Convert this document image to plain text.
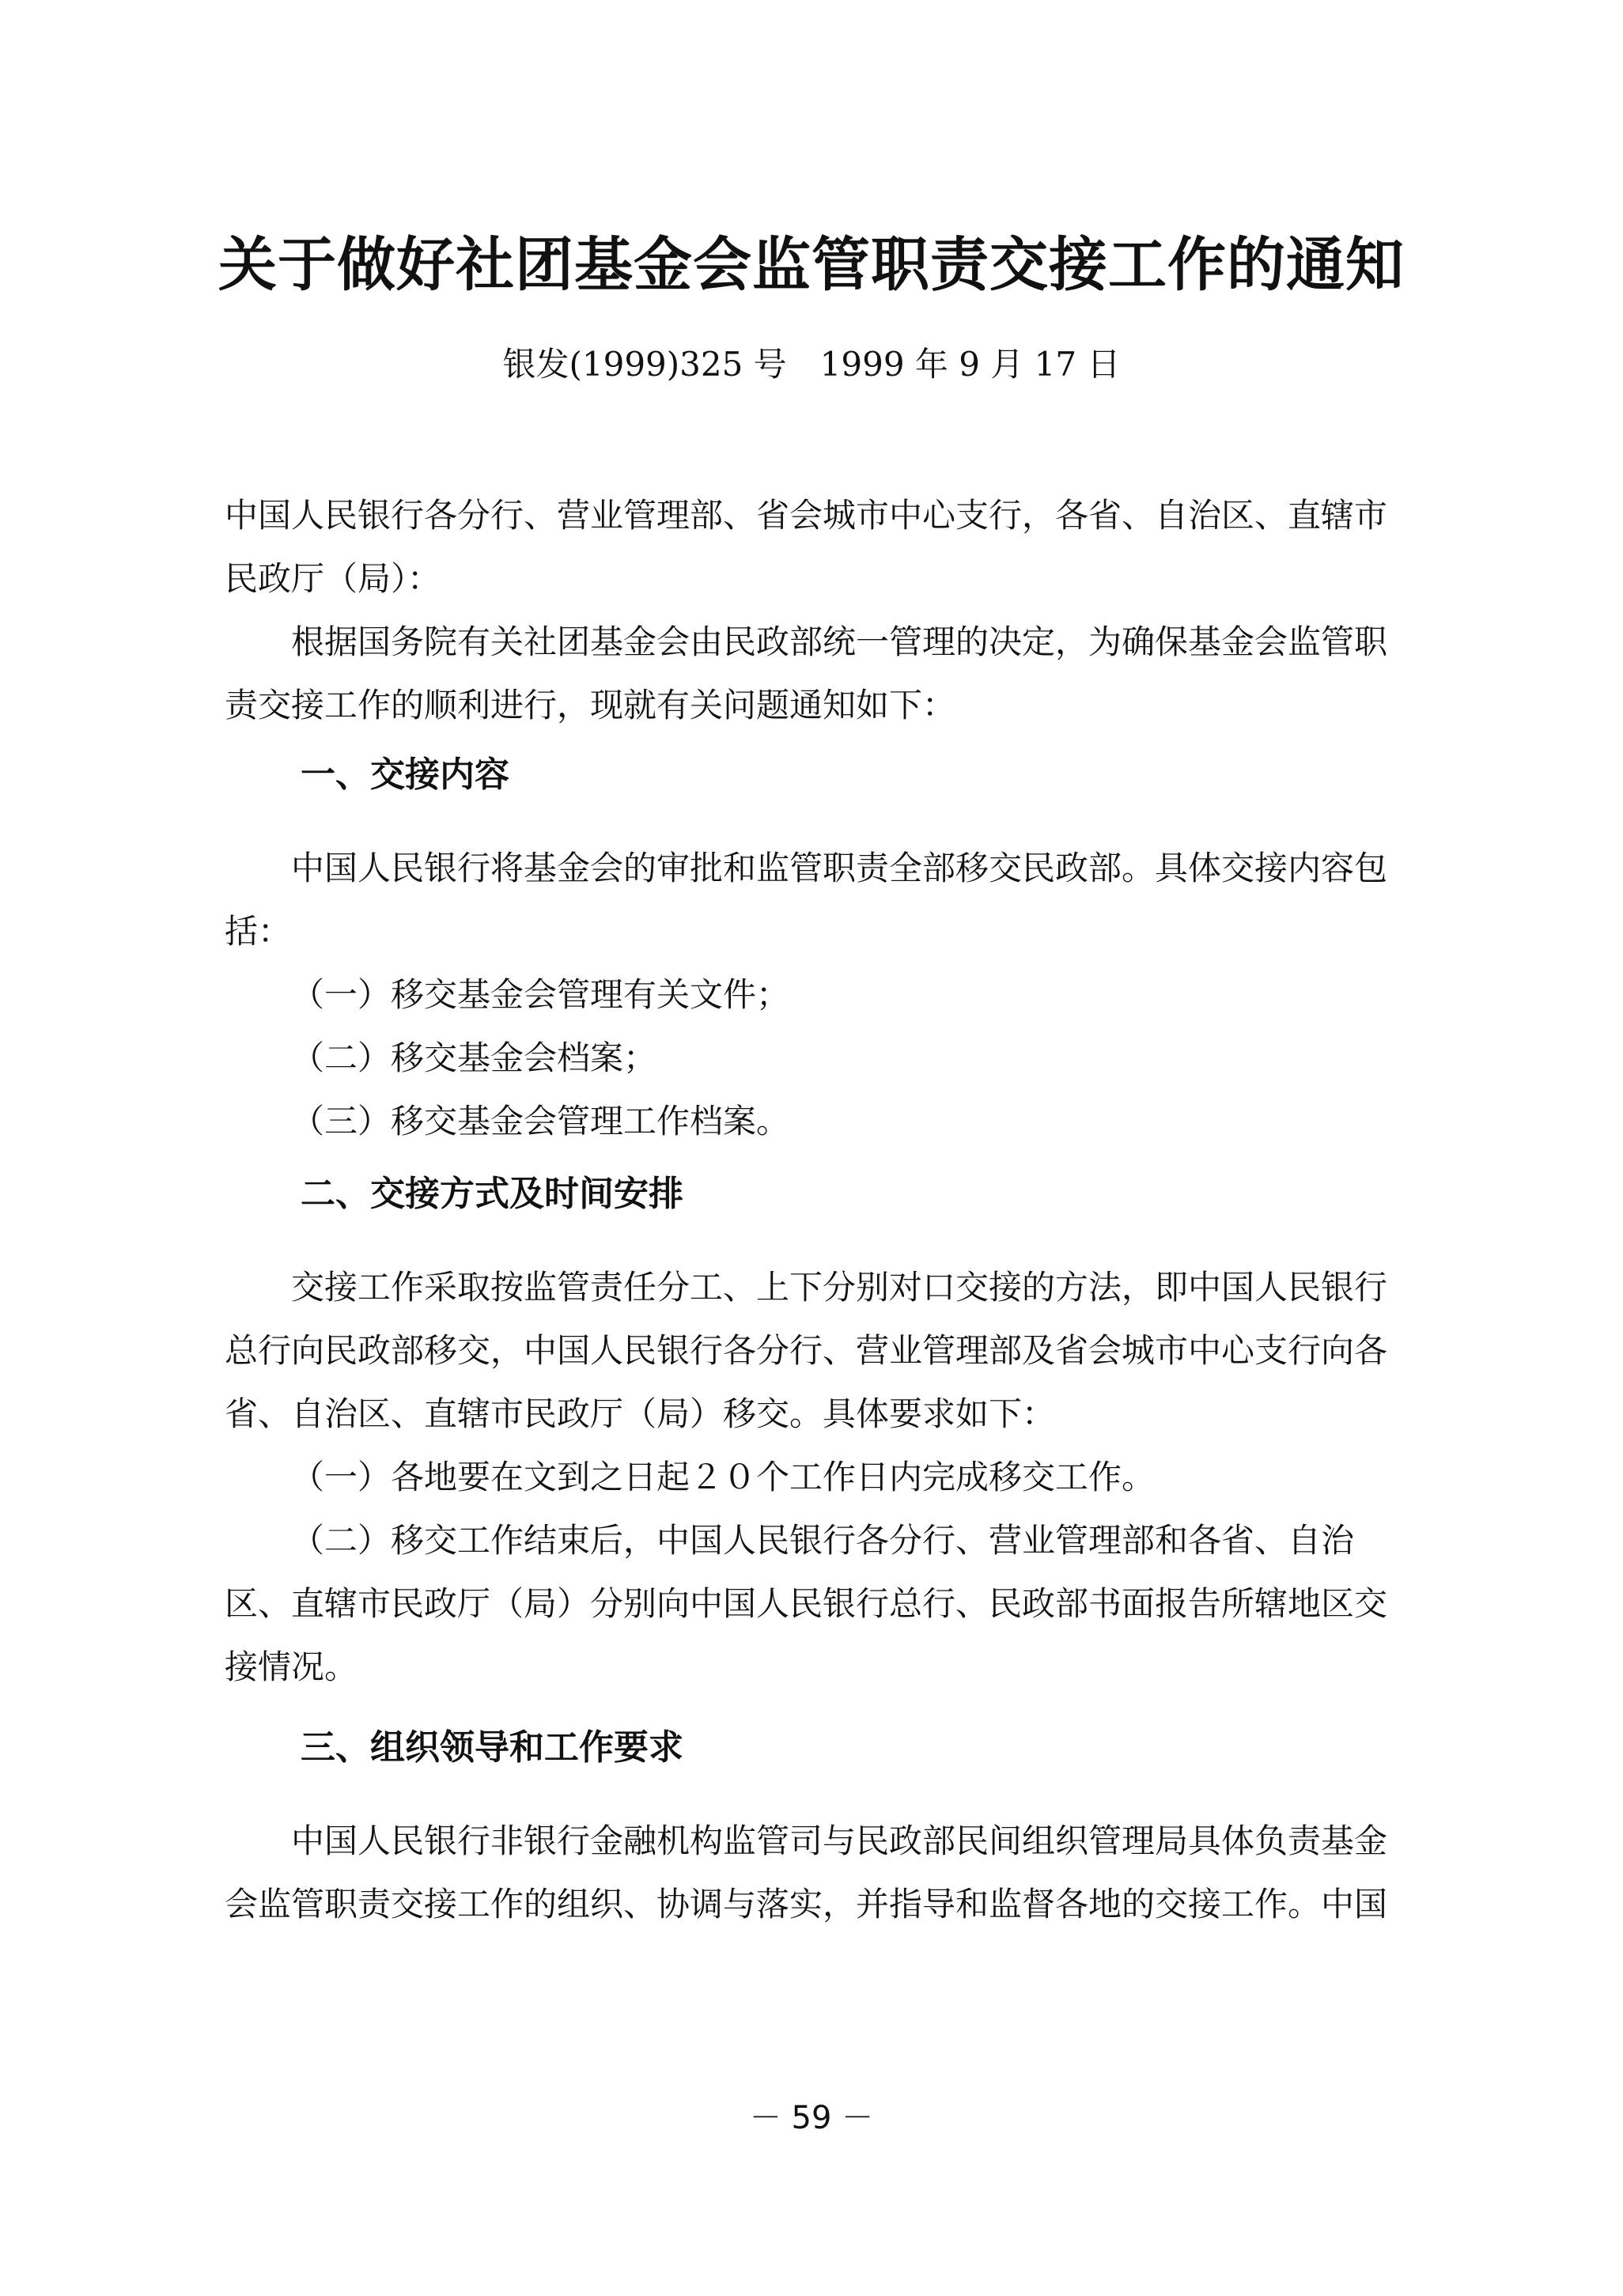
关于做好社团基金会监管职责交接工作的通知
银发(1999)325 号　1999 年 9 月 17 日

中国人民银行各分行、营业管理部、省会城市中心支行，各省、自治区、直辖市民政厅（局）：

根据国务院有关社团基金会由民政部统一管理的决定，为确保基金会监管职责交接工作的顺利进行，现就有关问题通知如下：

一、交接内容

中国人民银行将基金会的审批和监管职责全部移交民政部。具体交接内容包括：

（一）移交基金会管理有关文件；

（二）移交基金会档案；

（三）移交基金会管理工作档案。

二、交接方式及时间安排

交接工作采取按监管责任分工、上下分别对口交接的方法，即中国人民银行总行向民政部移交，中国人民银行各分行、营业管理部及省会城市中心支行向各省、自治区、直辖市民政厅（局）移交。具体要求如下：

（一）各地要在文到之日起２０个工作日内完成移交工作。

（二）移交工作结束后，中国人民银行各分行、营业管理部和各省、自治区、直辖市民政厅（局）分别向中国人民银行总行、民政部书面报告所辖地区交接情况。

三、组织领导和工作要求

中国人民银行非银行金融机构监管司与民政部民间组织管理局具体负责基金会监管职责交接工作的组织、协调与落实，并指导和监督各地的交接工作。中国

－ 59 －
